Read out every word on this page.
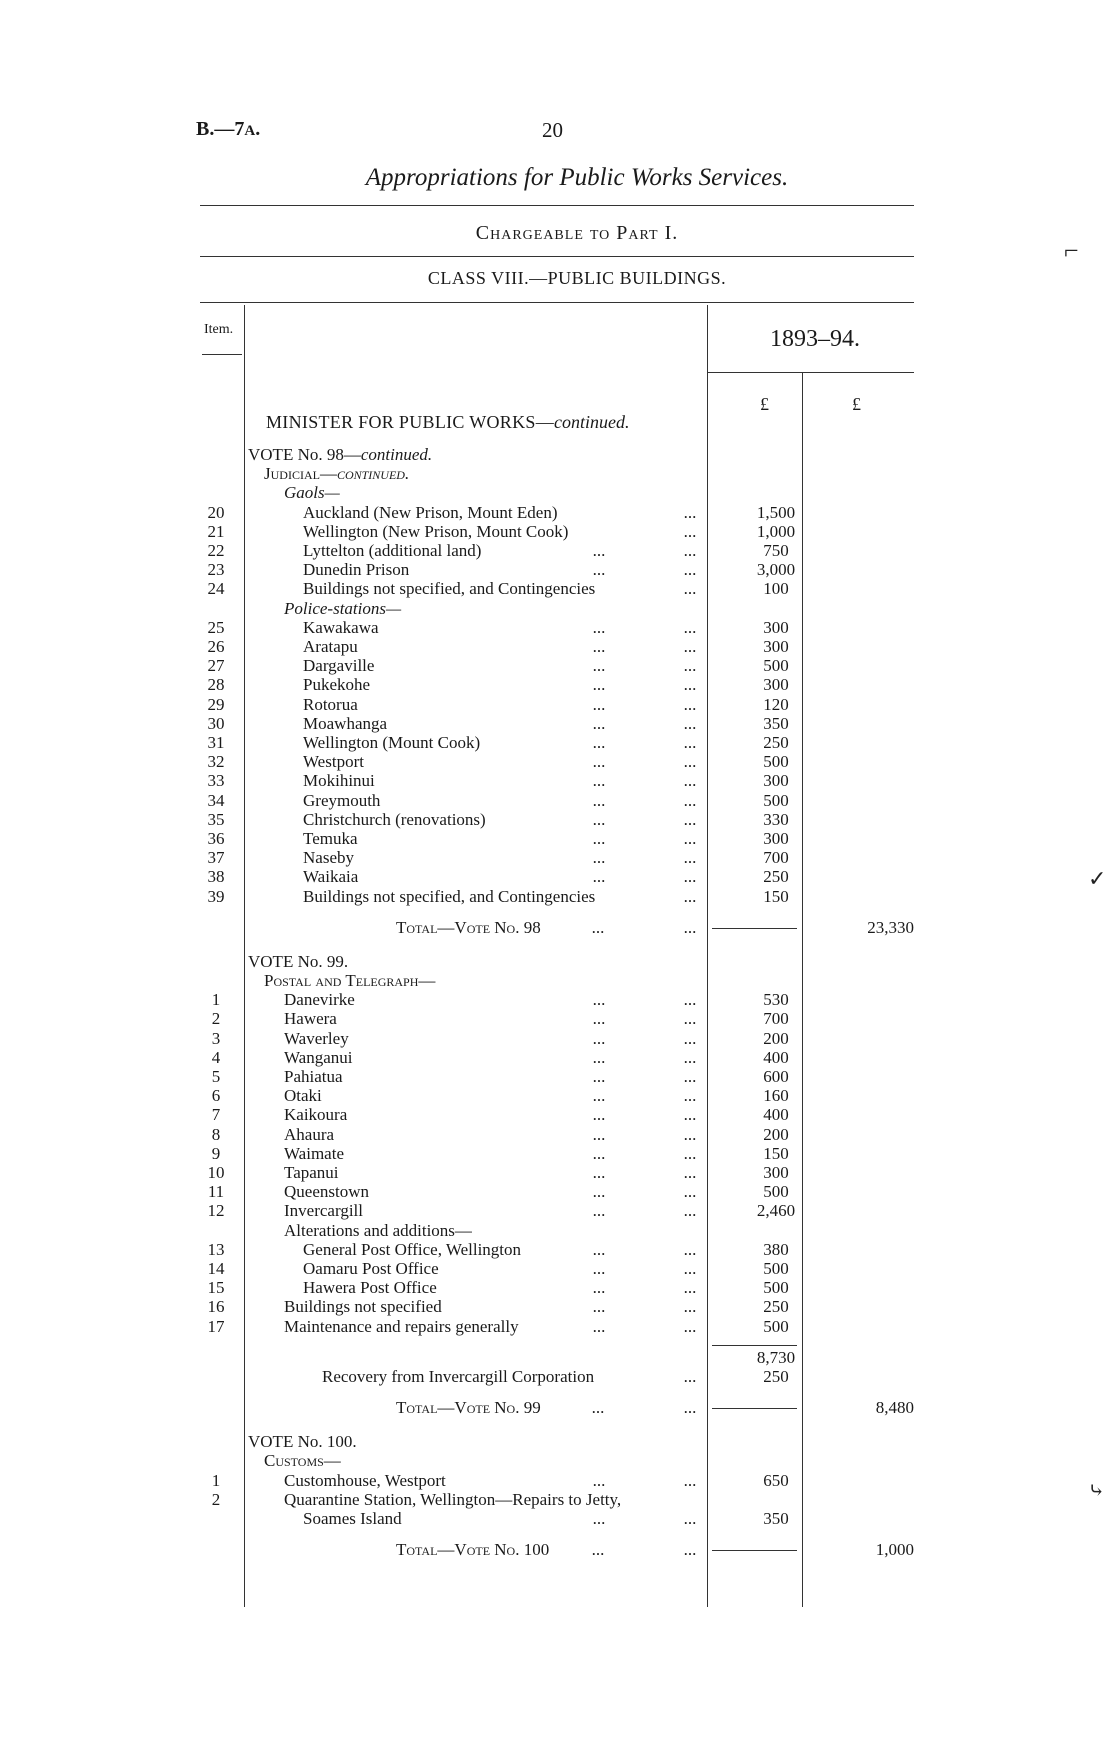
B.—7A.	20
Appropriations for Public Works Services.
Chargeable to Part I.
CLASS VIII.—PUBLIC BUILDINGS.
Item.	1893–94.
£	£
MINISTER FOR PUBLIC WORKS—continued.
VOTE No. 98—continued.
Judicial—continued.
Gaols—
20	Auckland (New Prison, Mount Eden)	...	1,500
21	Wellington (New Prison, Mount Cook)	...	1,000
22	Lyttelton (additional land)	...	...	750
23	Dunedin Prison	...	...	3,000
24	Buildings not specified, and Contingencies	...	100
Police-stations—
25	Kawakawa	...	...	300
26	Aratapu	...	...	300
27	Dargaville	...	...	500
28	Pukekohe	...	...	300
29	Rotorua	...	...	120
30	Moawhanga	...	...	350
31	Wellington (Mount Cook)	...	...	250
32	Westport	...	...	500
33	Mokihinui	...	...	300
34	Greymouth	...	...	500
35	Christchurch (renovations)	...	...	330
36	Temuka	...	...	300
37	Naseby	...	...	700
38	Waikaia	...	...	250
39	Buildings not specified, and Contingencies	...	150
Total—Vote No. 98	...	...	23,330
VOTE No. 99.
Postal and Telegraph—
1	Danevirke	...	...	530
2	Hawera	...	...	700
3	Waverley	...	...	200
4	Wanganui	...	...	400
5	Pahiatua	...	...	600
6	Otaki	...	...	160
7	Kaikoura	...	...	400
8	Ahaura	...	...	200
9	Waimate	...	...	150
10	Tapanui	...	...	300
11	Queenstown	...	...	500
12	Invercargill	...	...	2,460
Alterations and additions—
13	General Post Office, Wellington	...	...	380
14	Oamaru Post Office	...	...	500
15	Hawera Post Office	...	...	500
16	Buildings not specified	...	...	250
17	Maintenance and repairs generally	...	...	500
8,730
Recovery from Invercargill Corporation	...	250
Total—Vote No. 99	...	...	8,480
VOTE No. 100.
Customs—
1	Customhouse, Westport	...	...	650
2	Quarantine Station, Wellington—Repairs to Jetty,
Soames Island	...	...	350
Total—Vote No. 100	...	...	1,000
⌐
✓
⤷
